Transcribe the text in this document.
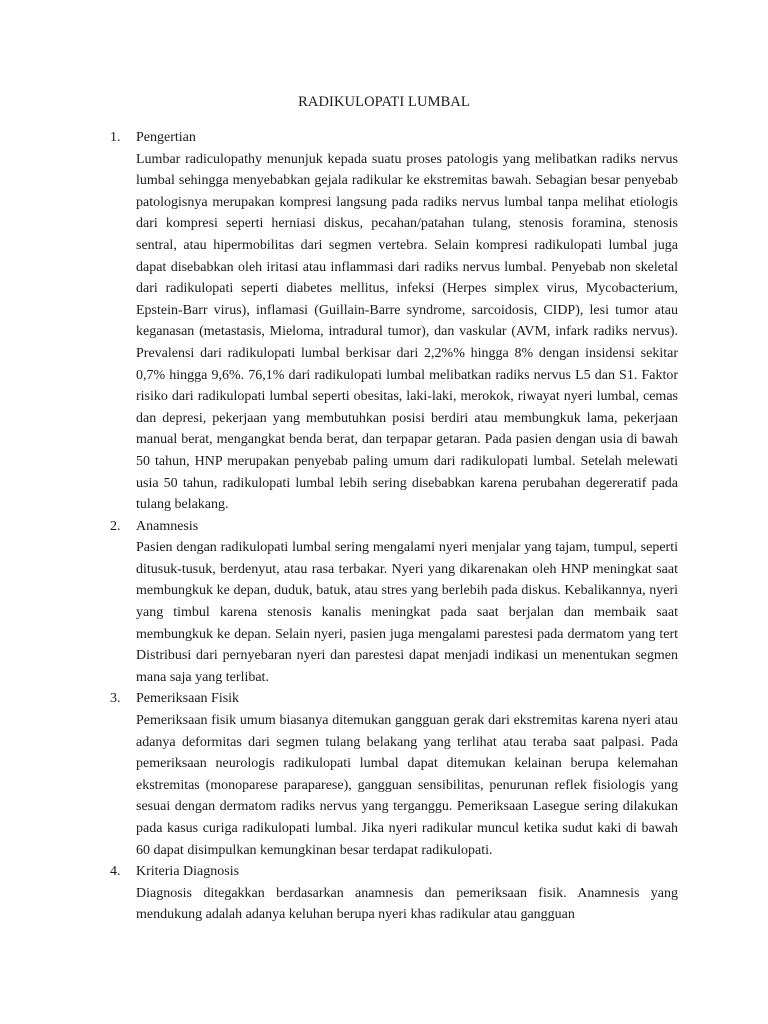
RADIKULOPATI LUMBAL
1. Pengertian

Lumbar radiculopathy menunjuk kepada suatu proses patologis yang melibatkan radiks nervus lumbal sehingga menyebabkan gejala radikular ke ekstremitas bawah. Sebagian besar penyebab patologisnya merupakan kompresi langsung pada radiks nervus lumbal tanpa melihat etiologis dari kompresi seperti herniasi diskus, pecahan/patahan tulang, stenosis foramina, stenosis sentral, atau hipermobilitas dari segmen vertebra. Selain kompresi radikulopati lumbal juga dapat disebabkan oleh iritasi atau inflammasi dari radiks nervus lumbal. Penyebab non skeletal dari radikulopati seperti diabetes mellitus, infeksi (Herpes simplex virus, Mycobacterium, Epstein-Barr virus), inflamasi (Guillain-Barre syndrome, sarcoidosis, CIDP), lesi tumor atau keganasan (metastasis, Mieloma, intradural tumor), dan vaskular (AVM, infark radiks nervus). Prevalensi dari radikulopati lumbal berkisar dari 2,2%% hingga 8% dengan insidensi sekitar 0,7% hingga 9,6%. 76,1% dari radikulopati lumbal melibatkan radiks nervus L5 dan S1. Faktor risiko dari radikulopati lumbal seperti obesitas, laki-laki, merokok, riwayat nyeri lumbal, cemas dan depresi, pekerjaan yang membutuhkan posisi berdiri atau membungkuk lama, pekerjaan manual berat, mengangkat benda berat, dan terpapar getaran. Pada pasien dengan usia di bawah 50 tahun, HNP merupakan penyebab paling umum dari radikulopati lumbal. Setelah melewati usia 50 tahun, radikulopati lumbal lebih sering disebabkan karena perubahan degereratif pada tulang belakang.

2. Anamnesis

Pasien dengan radikulopati lumbal sering mengalami nyeri menjalar yang tajam, tumpul, seperti ditusuk-tusuk, berdenyut, atau rasa terbakar. Nyeri yang dikarenakan oleh HNP meningkat saat membungkuk ke depan, duduk, batuk, atau stres yang berlebih pada diskus. Kebalikannya, nyeri yang timbul karena stenosis kanalis meningkat pada saat berjalan dan membaik saat membungkuk ke depan. Selain nyeri, pasien juga mengalami parestesi pada dermatom yang tert Distribusi dari pernyebaran nyeri dan parestesi dapat menjadi indikasi un menentukan segmen mana saja yang terlibat.

3. Pemeriksaan Fisik

Pemeriksaan fisik umum biasanya ditemukan gangguan gerak dari ekstremitas karena nyeri atau adanya deformitas dari segmen tulang belakang yang terlihat atau teraba saat palpasi. Pada pemeriksaan neurologis radikulopati lumbal dapat ditemukan kelainan berupa kelemahan ekstremitas (monoparese paraparese), gangguan sensibilitas, penurunan reflek fisiologis yang sesuai dengan dermatom radiks nervus yang terganggu. Pemeriksaan Lasegue sering dilakukan pada kasus curiga radikulopati lumbal. Jika nyeri radikular muncul ketika sudut kaki di bawah 60 dapat disimpulkan kemungkinan besar terdapat radikulopati.

4. Kriteria Diagnosis

Diagnosis ditegakkan berdasarkan anamnesis dan pemeriksaan fisik. Anamnesis yang mendukung adalah adanya keluhan berupa nyeri khas radikular atau gangguan
